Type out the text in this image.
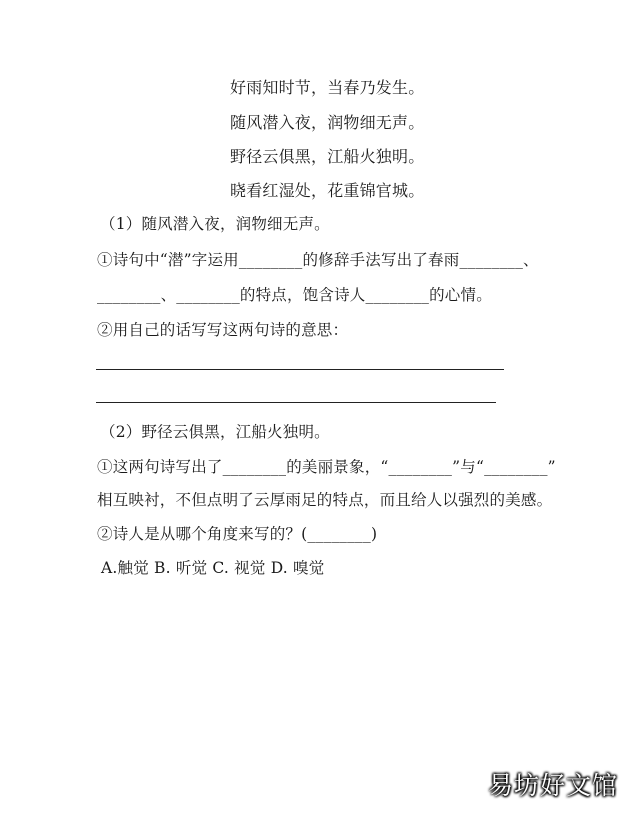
好雨知时节，当春乃发生。
随风潜入夜，润物细无声。
野径云俱黑，江船火独明。
晓看红湿处，花重锦官城。
（1）随风潜入夜，润物细无声。
①诗句中“潜”字运用________的修辞手法写出了春雨________、
________、________的特点，饱含诗人________的心情。
②用自己的话写写这两句诗的意思：
（2）野径云俱黑，江船火独明。
①这两句诗写出了________的美丽景象，“________”与“________”
相互映衬，不但点明了云厚雨足的特点，而且给人以强烈的美感。
②诗人是从哪个角度来写的？(________)
A.触觉 B. 听觉 C. 视觉 D. 嗅觉
易坊好文馆
